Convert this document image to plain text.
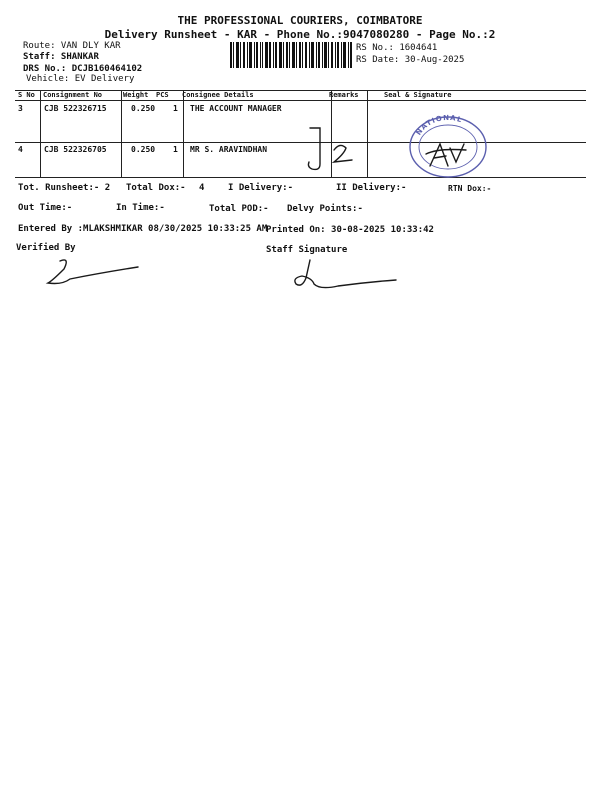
THE PROFESSIONAL COURIERS, COIMBATORE
Delivery Runsheet - KAR - Phone No.:9047080280 - Page No.:2
Route: VAN DLY KAR
Staff: SHANKAR
DRS No.: DCJB160464102
Vehicle: EV Delivery
RS No.: 1604641
RS Date: 30-Aug-2025
S No Consignment No	Weight PCS Consignee Details	Remarks	Seal & Signature
3	CJB 522326715	0.250 1 THE ACCOUNT MANAGER
4	CJB 522326705	0.250 1 MR S. ARAVINDHAN
NATIONAL
Tot. Runsheet:- 2 Total Dox:- 4	I Delivery:-	II Delivery:-	RTN Dox:-
Out Time:-	In Time:-	Total POD:- Delvy Points:-
Entered By :MLAKSHMIKAR 08/30/2025 10:33:25 AM
Printed On: 30-08-2025 10:33:42
Verified By	Staff Signature
